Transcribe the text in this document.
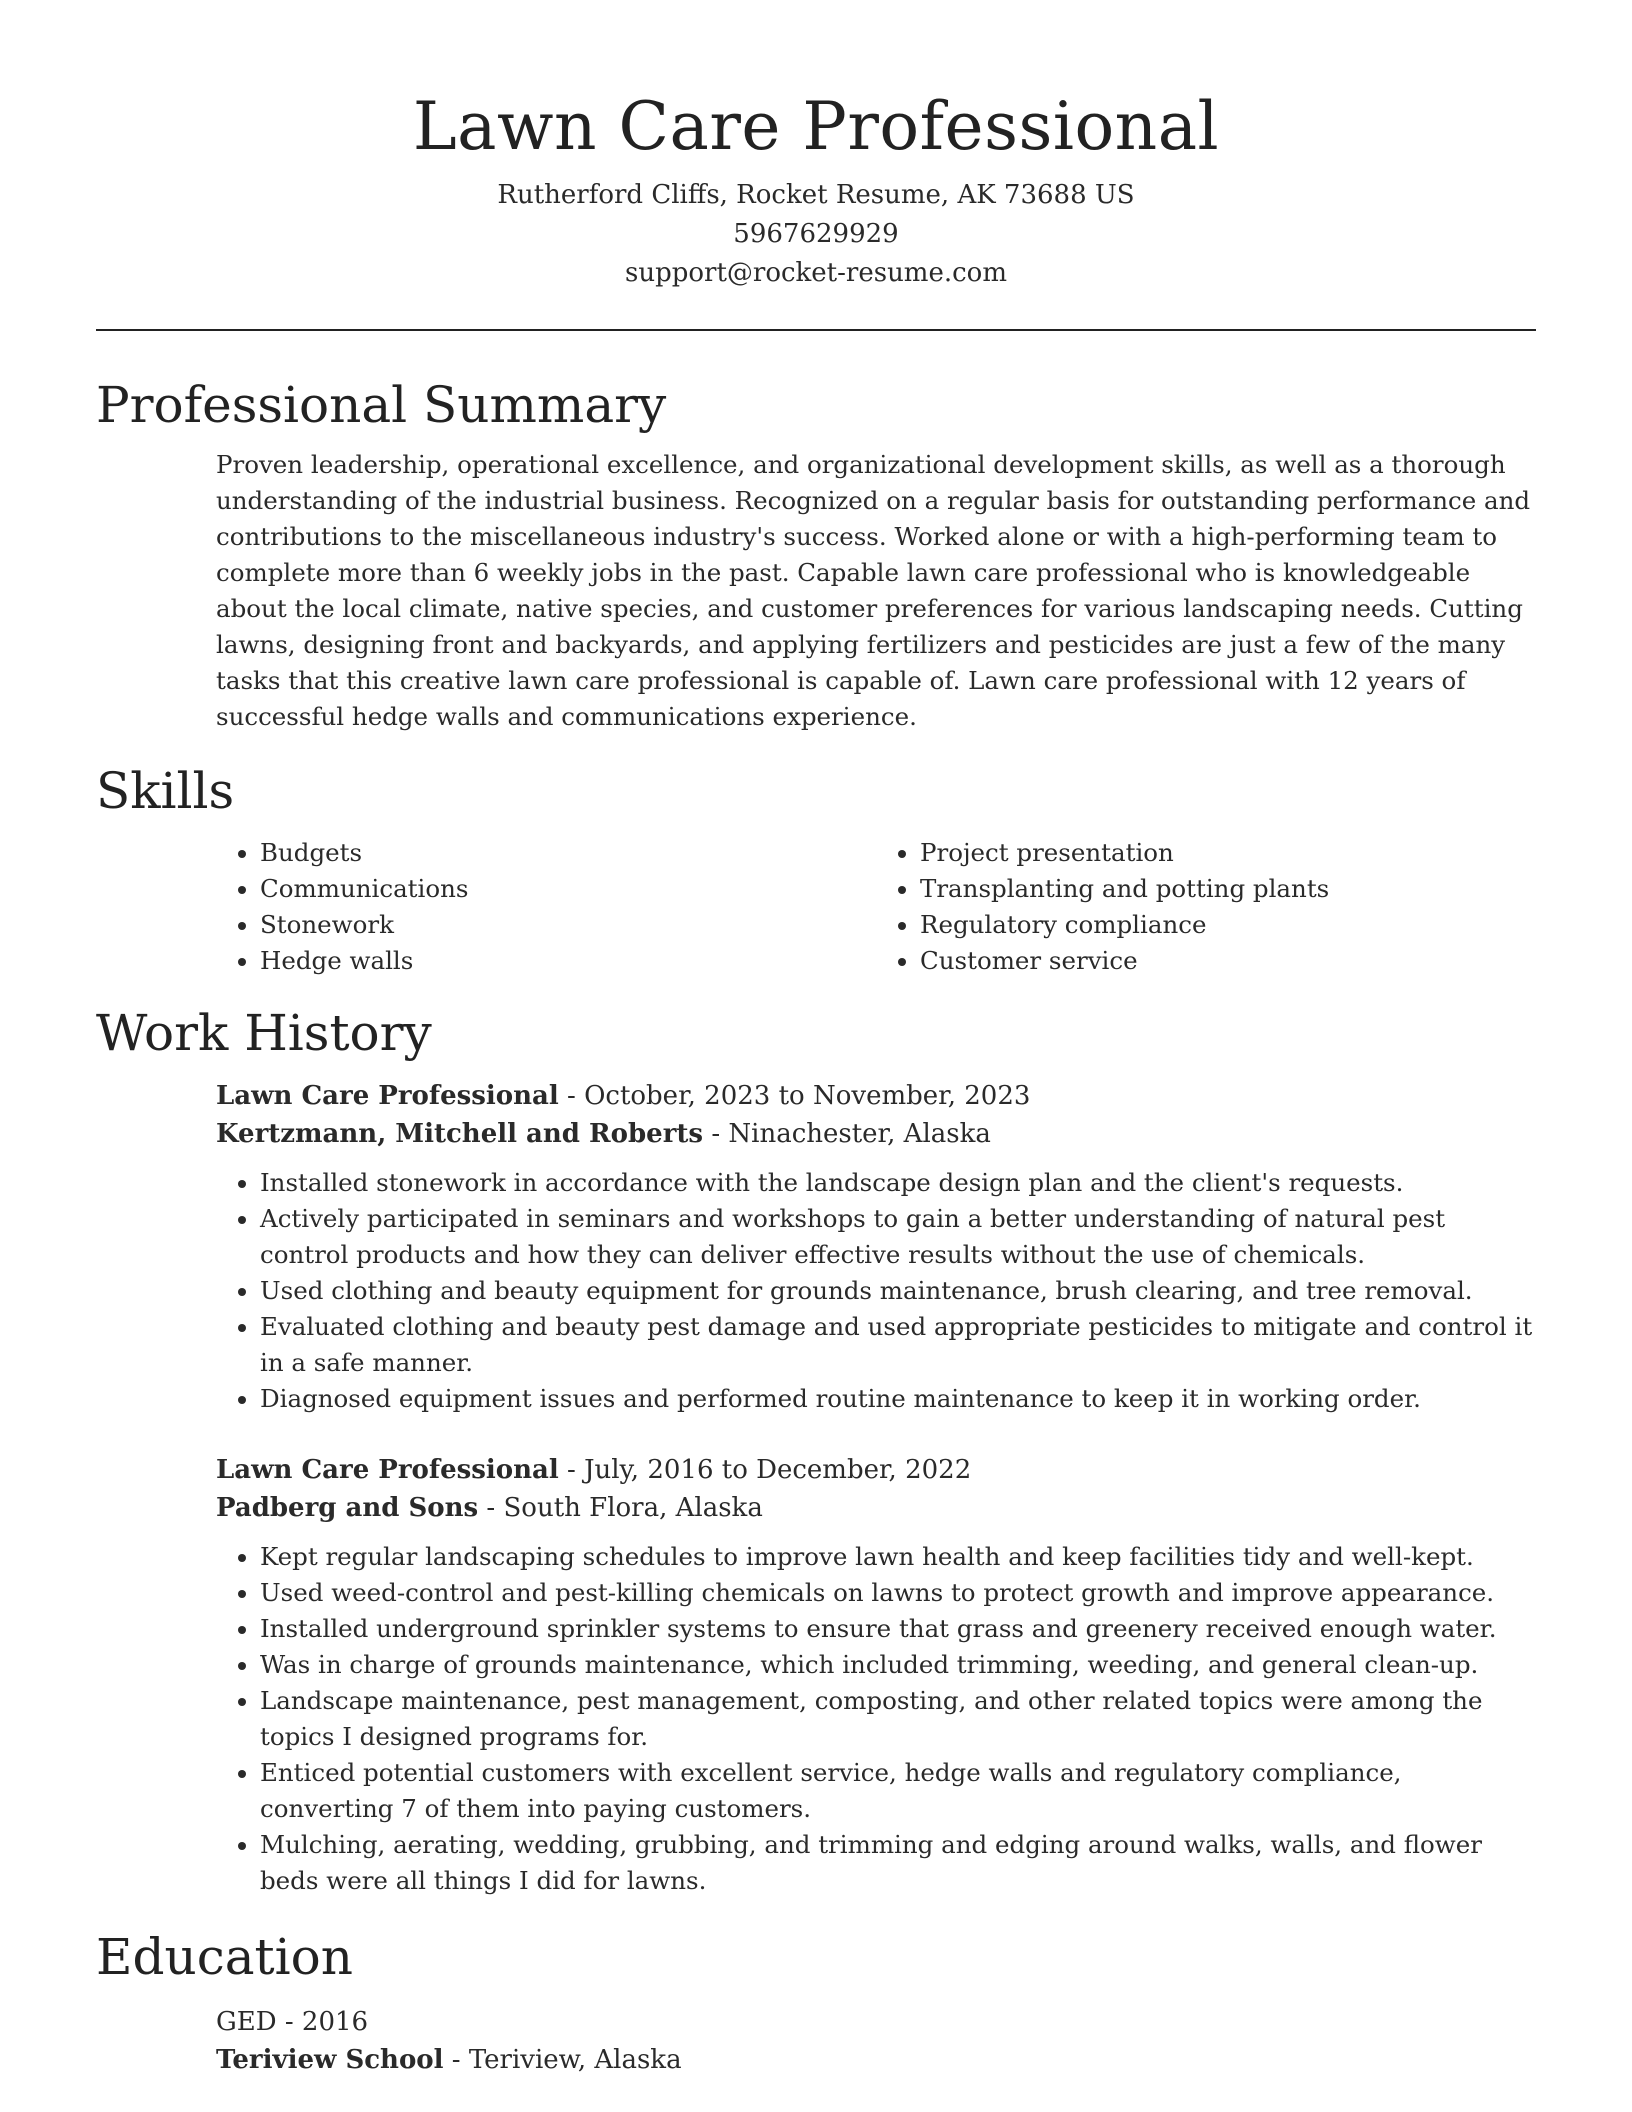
Lawn Care Professional
Rutherford Cliffs, Rocket Resume, AK 73688 US
5967629929
support@rocket-resume.com
Professional Summary

Proven leadership, operational excellence, and organizational development skills, as well as a thorough understanding of the industrial business. Recognized on a regular basis for outstanding performance and contributions to the miscellaneous industry's success. Worked alone or with a high-performing team to complete more than 6 weekly jobs in the past. Capable lawn care professional who is knowledgeable about the local climate, native species, and customer preferences for various landscaping needs. Cutting lawns, designing front and backyards, and applying fertilizers and pesticides are just a few of the many tasks that this creative lawn care professional is capable of. Lawn care professional with 12 years of successful hedge walls and communications experience.

Skills
• Budgets
• Communications
• Stonework
• Hedge walls
• Project presentation
• Transplanting and potting plants
• Regulatory compliance
• Customer service
Work History
Lawn Care Professional - October, 2023 to November, 2023
Kertzmann, Mitchell and Roberts - Ninachester, Alaska
• Installed stonework in accordance with the landscape design plan and the client's requests.
• Actively participated in seminars and workshops to gain a better understanding of natural pest control products and how they can deliver effective results without the use of chemicals.
• Used clothing and beauty equipment for grounds maintenance, brush clearing, and tree removal.
• Evaluated clothing and beauty pest damage and used appropriate pesticides to mitigate and control it in a safe manner.
• Diagnosed equipment issues and performed routine maintenance to keep it in working order.
Lawn Care Professional - July, 2016 to December, 2022
Padberg and Sons - South Flora, Alaska
• Kept regular landscaping schedules to improve lawn health and keep facilities tidy and well-kept.
• Used weed-control and pest-killing chemicals on lawns to protect growth and improve appearance.
• Installed underground sprinkler systems to ensure that grass and greenery received enough water.
• Was in charge of grounds maintenance, which included trimming, weeding, and general clean-up.
• Landscape maintenance, pest management, composting, and other related topics were among the topics I designed programs for.
• Enticed potential customers with excellent service, hedge walls and regulatory compliance, converting 7 of them into paying customers.
• Mulching, aerating, wedding, grubbing, and trimming and edging around walks, walls, and flower beds were all things I did for lawns.
Education
GED - 2016
Teriview School - Teriview, Alaska
